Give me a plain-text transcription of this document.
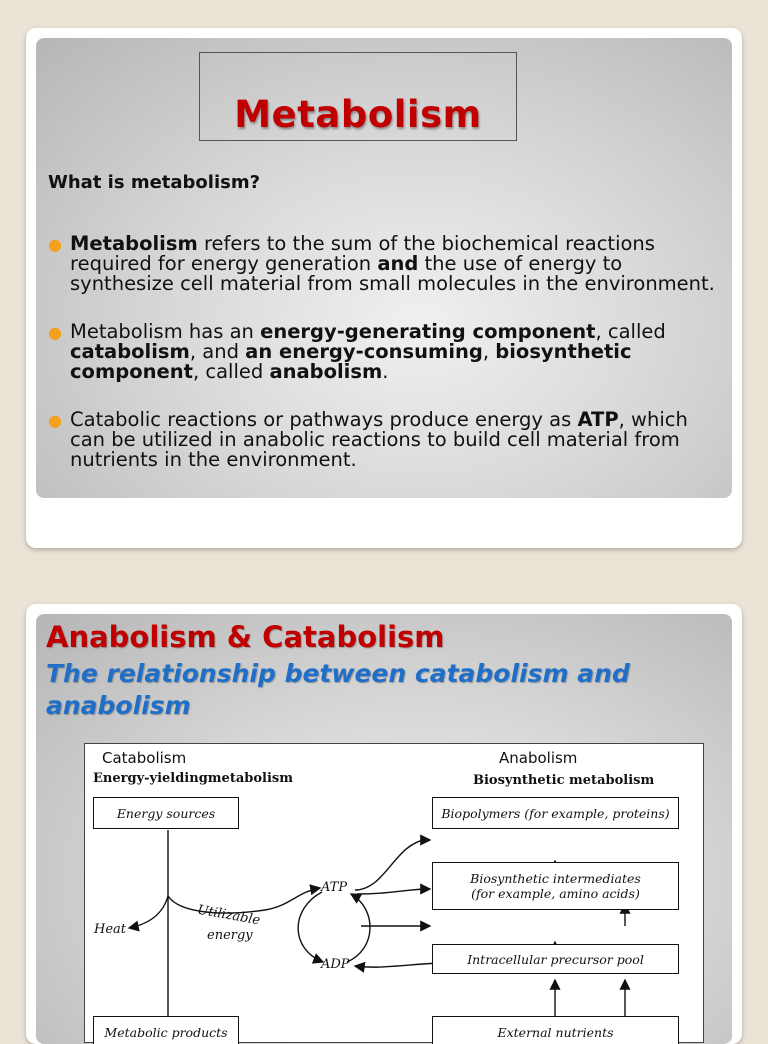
Metabolism
What is metabolism?
● Metabolism refers to the sum of the biochemical reactions required for energy generation and the use of energy to synthesize cell material from small molecules in the environment.
● Metabolism has an energy-generating component, called catabolism, and an energy-consuming, biosynthetic component, called anabolism.
● Catabolic reactions or pathways produce energy as ATP, which can be utilized in anabolic reactions to build cell material from nutrients in the environment.
Anabolism & Catabolism
The relationship between catabolism and anabolism
Catabolism	Anabolism
Energy-yieldingmetabolism	Biosynthetic metabolism
Energy sources	Biopolymers (for example, proteins)
Biosynthetic intermediates
(for example, amino acids)
Intracellular precursor pool
Metabolic products	External nutrients
Heat
Utilizable
energy
ATP
ADP
